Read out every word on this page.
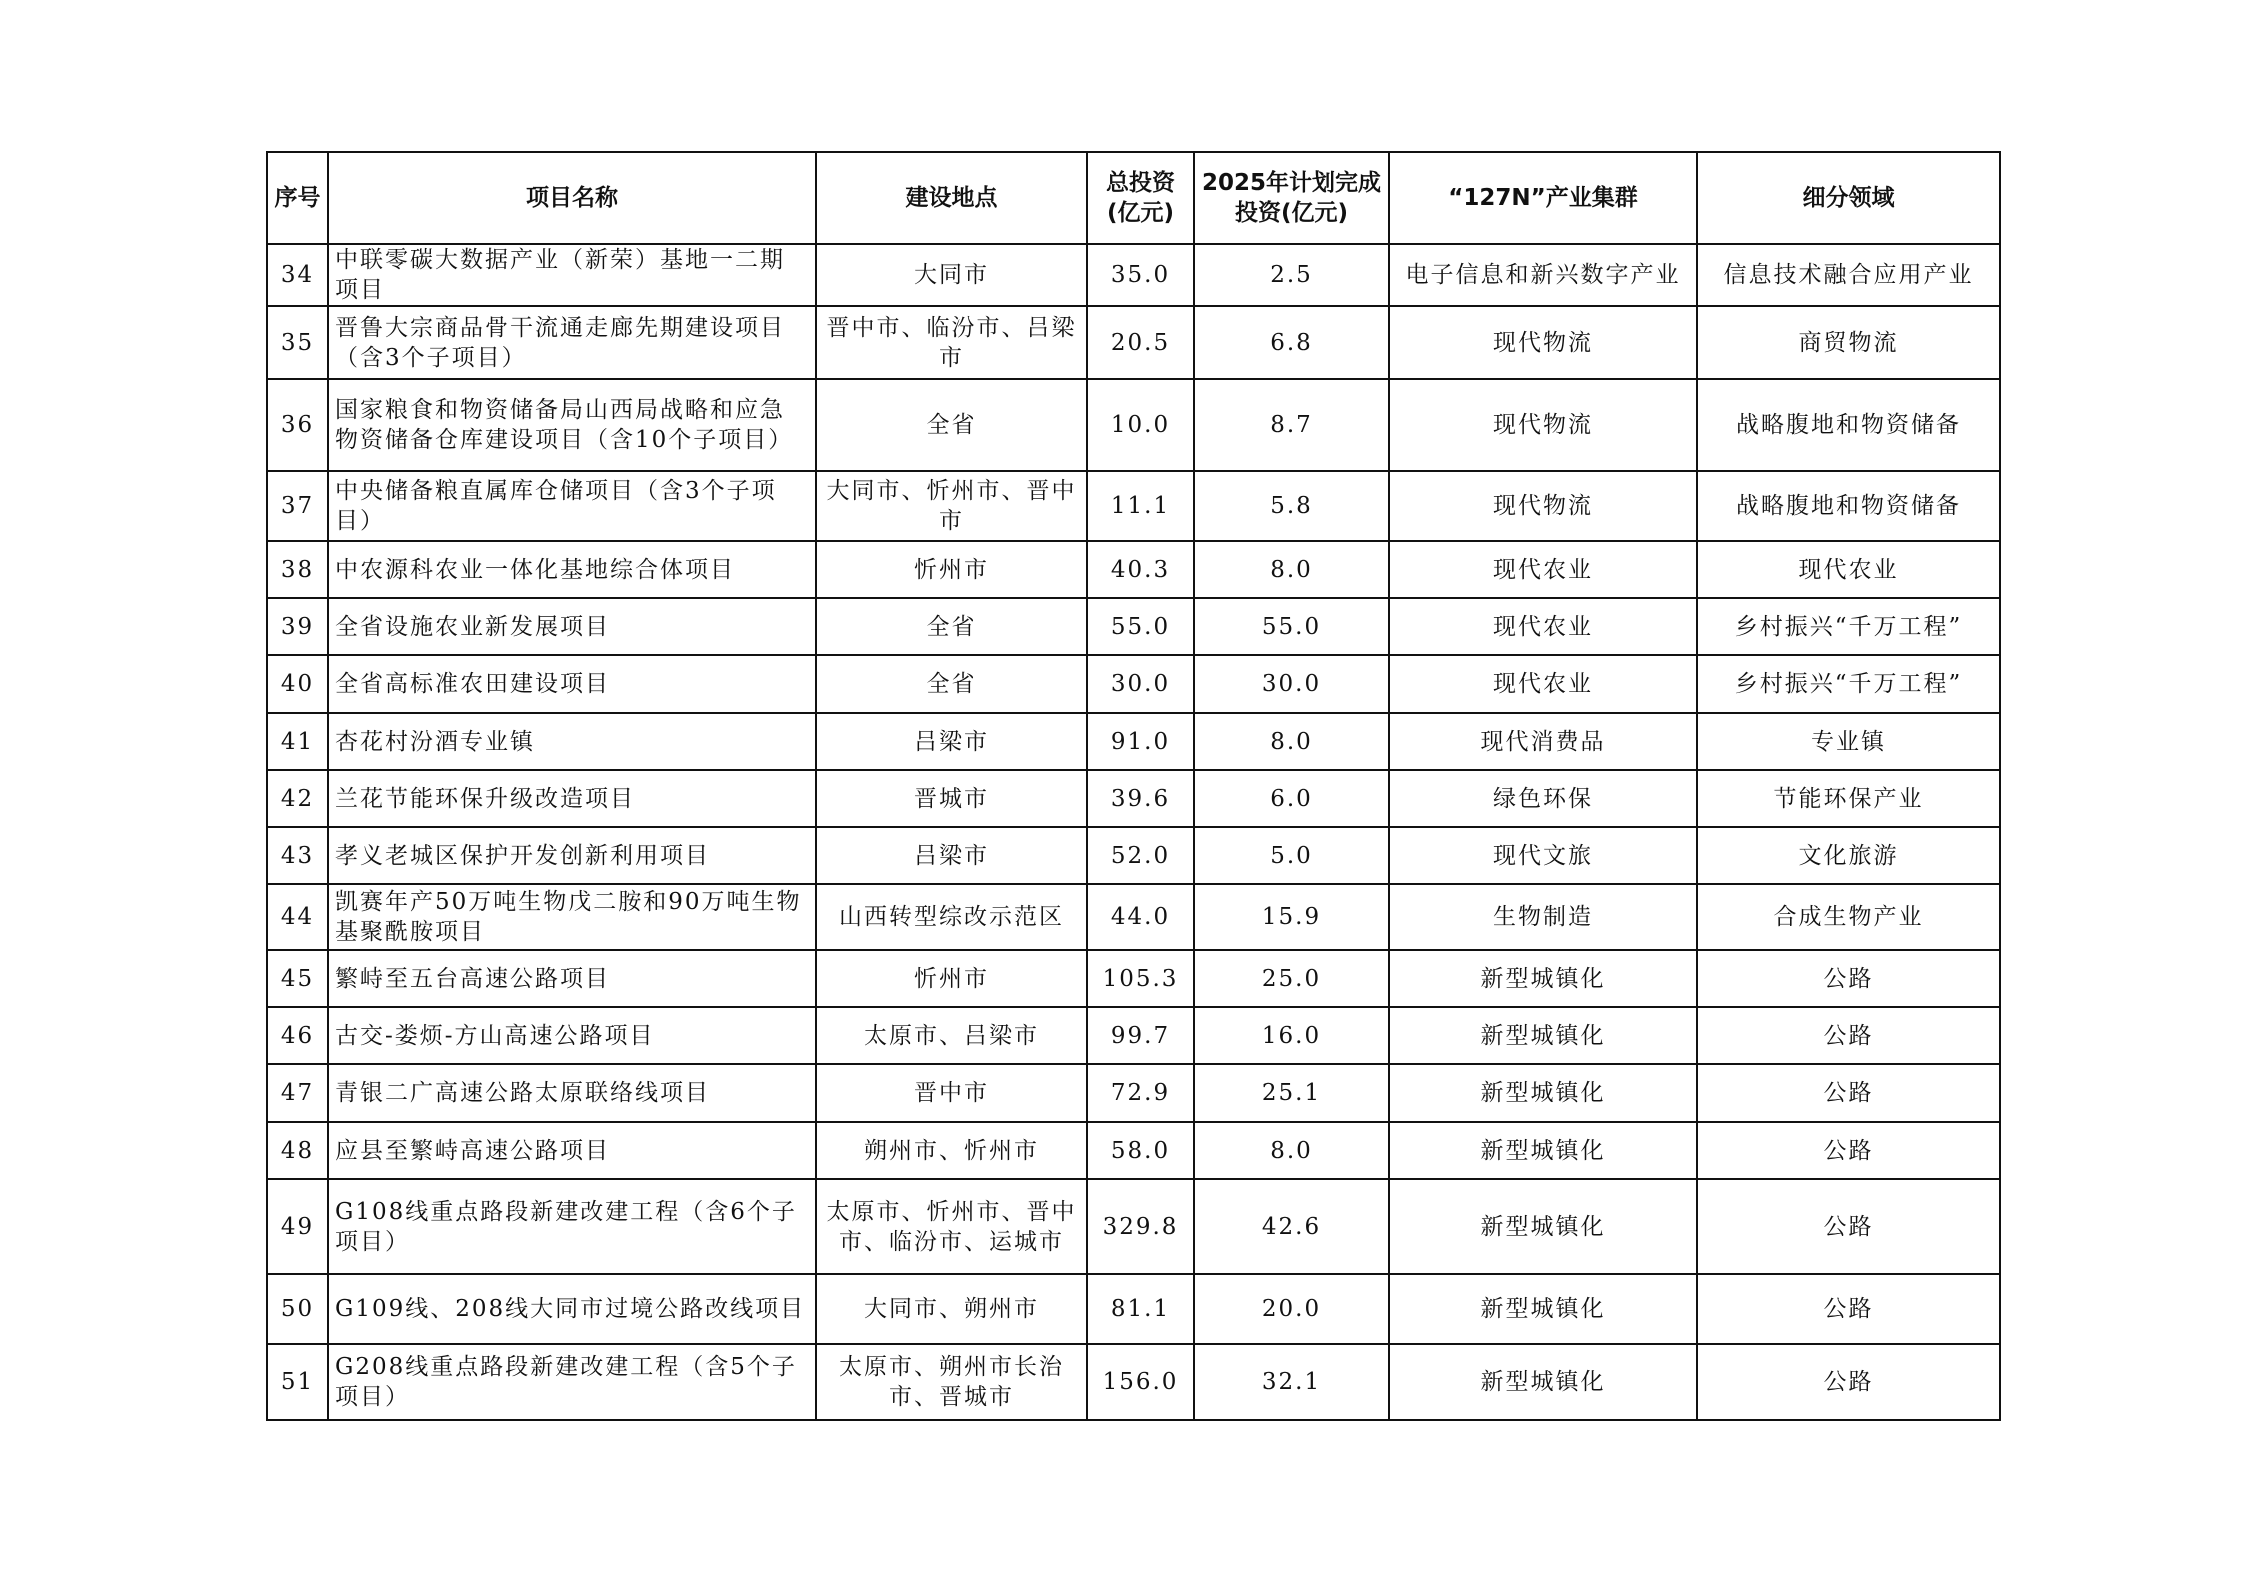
序号	项目名称	建设地点	总投资(亿元)	2025年计划完成投资(亿元)	“127N”产业集群	细分领域
34	中联零碳大数据产业（新荣）基地一二期项目	大同市	35.0	2.5	电子信息和新兴数字产业	信息技术融合应用产业
35	晋鲁大宗商品骨干流通走廊先期建设项目（含3个子项目）	晋中市、临汾市、吕梁市	20.5	6.8	现代物流	商贸物流
36	国家粮食和物资储备局山西局战略和应急物资储备仓库建设项目（含10个子项目）	全省	10.0	8.7	现代物流	战略腹地和物资储备
37	中央储备粮直属库仓储项目（含3个子项目）	大同市、忻州市、晋中市	11.1	5.8	现代物流	战略腹地和物资储备
38	中农源科农业一体化基地综合体项目	忻州市	40.3	8.0	现代农业	现代农业
39	全省设施农业新发展项目	全省	55.0	55.0	现代农业	乡村振兴“千万工程”
40	全省高标准农田建设项目	全省	30.0	30.0	现代农业	乡村振兴“千万工程”
41	杏花村汾酒专业镇	吕梁市	91.0	8.0	现代消费品	专业镇
42	兰花节能环保升级改造项目	晋城市	39.6	6.0	绿色环保	节能环保产业
43	孝义老城区保护开发创新利用项目	吕梁市	52.0	5.0	现代文旅	文化旅游
44	凯赛年产50万吨生物戊二胺和90万吨生物基聚酰胺项目	山西转型综改示范区	44.0	15.9	生物制造	合成生物产业
45	繁峙至五台高速公路项目	忻州市	105.3	25.0	新型城镇化	公路
46	古交-娄烦-方山高速公路项目	太原市、吕梁市	99.7	16.0	新型城镇化	公路
47	青银二广高速公路太原联络线项目	晋中市	72.9	25.1	新型城镇化	公路
48	应县至繁峙高速公路项目	朔州市、忻州市	58.0	8.0	新型城镇化	公路
49	G108线重点路段新建改建工程（含6个子项目）	太原市、忻州市、晋中市、临汾市、运城市	329.8	42.6	新型城镇化	公路
50	G109线、208线大同市过境公路改线项目	大同市、朔州市	81.1	20.0	新型城镇化	公路
51	G208线重点路段新建改建工程（含5个子项目）	太原市、朔州市长治市、晋城市	156.0	32.1	新型城镇化	公路
